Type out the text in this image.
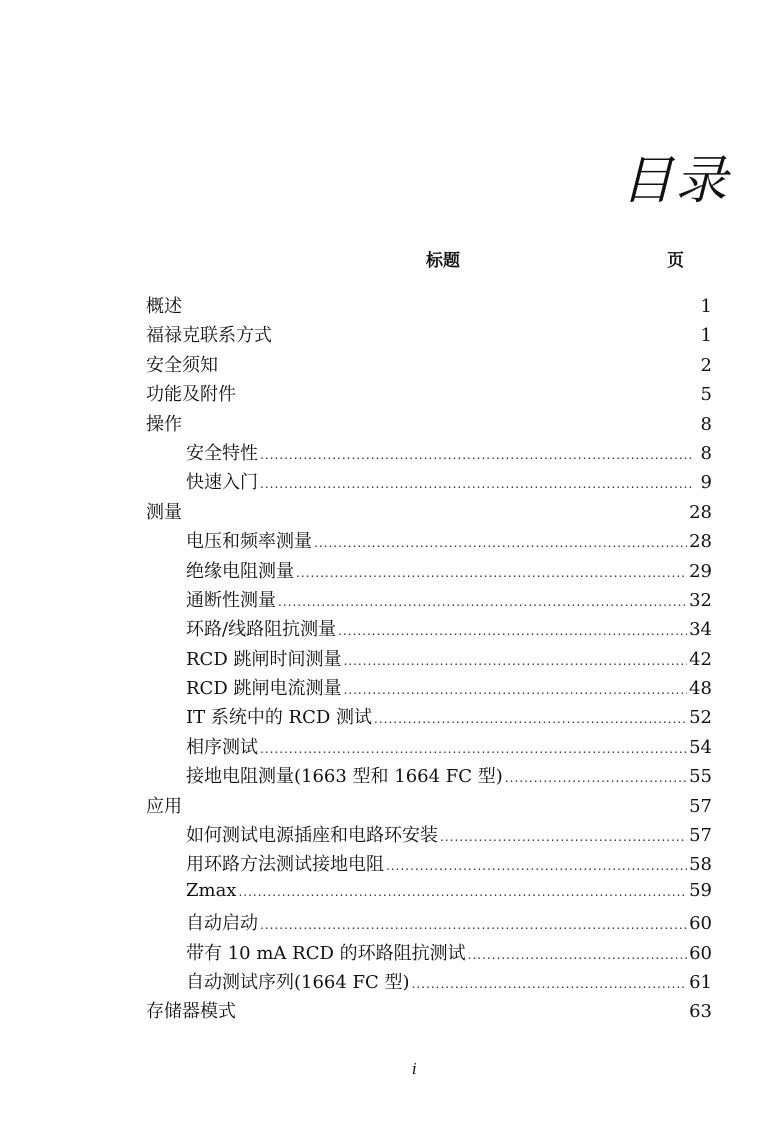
目录
标题	页
概述	1
福禄克联系方式	1
安全须知	2
功能及附件	5
操作	8
安全特性 .....	8
快速入门 .....	9
测量	28
电压和频率测量 .....	28
绝缘电阻测量 .....	29
通断性测量 .....	32
环路/线路阻抗测量 .....	34
RCD 跳闸时间测量 .....	42
RCD 跳闸电流测量 .....	48
IT 系统中的 RCD 测试 .....	52
相序测试 .....	54
接地电阻测量(1663 型和 1664 FC 型) .....	55
应用	57
如何测试电源插座和电路环安装 .....	57
用环路方法测试接地电阻 .....	58
Zmax .....	59
自动启动 .....	60
带有 10 mA RCD 的环路阻抗测试 .....	60
自动测试序列(1664 FC 型) .....	61
存储器模式	63
i
